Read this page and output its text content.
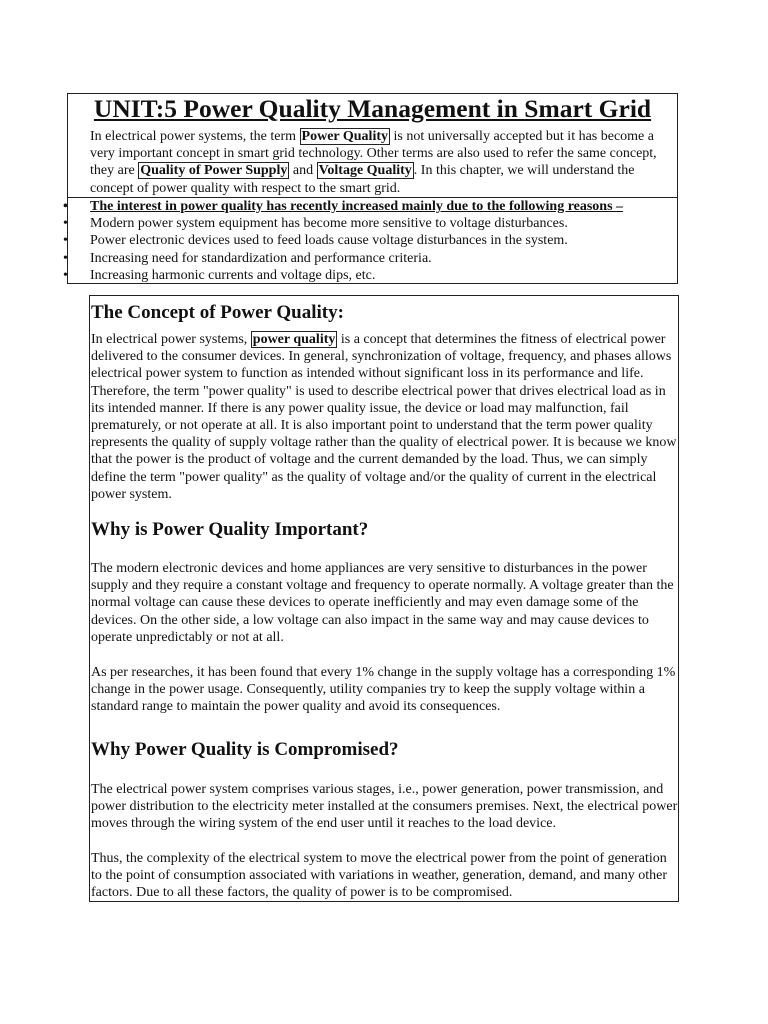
UNIT:5 Power Quality Management in Smart Grid
In electrical power systems, the term Power Quality is not universally accepted but it has become a very important concept in smart grid technology. Other terms are also used to refer the same concept, they are Quality of Power Supply and Voltage Quality . In this chapter, we will understand the concept of power quality with respect to the smart grid.
• The interest in power quality has recently increased mainly due to the following reasons –
• Modern power system equipment has become more sensitive to voltage disturbances.
• Power electronic devices used to feed loads cause voltage disturbances in the system.
• Increasing need for standardization and performance criteria.
• Increasing harmonic currents and voltage dips, etc.
The Concept of Power Quality:
In electrical power systems, power quality is a concept that determines the fitness of electrical power delivered to the consumer devices. In general, synchronization of voltage, frequency, and phases allows electrical power system to function as intended without significant loss in its performance and life. Therefore, the term "power quality" is used to describe electrical power that drives electrical load as in its intended manner. If there is any power quality issue, the device or load may malfunction, fail prematurely, or not operate at all. It is also important point to understand that the term power quality represents the quality of supply voltage rather than the quality of electrical power. It is because we know that the power is the product of voltage and the current demanded by the load. Thus, we can simply define the term "power quality" as the quality of voltage and/or the quality of current in the electrical power system.
Why is Power Quality Important?

The modern electronic devices and home appliances are very sensitive to disturbances in the power supply and they require a constant voltage and frequency to operate normally. A voltage greater than the normal voltage can cause these devices to operate inefficiently and may even damage some of the devices. On the other side, a low voltage can also impact in the same way and may cause devices to operate unpredictably or not at all.

As per researches, it has been found that every 1% change in the supply voltage has a corresponding 1% change in the power usage. Consequently, utility companies try to keep the supply voltage within a standard range to maintain the power quality and avoid its consequences.

Why Power Quality is Compromised?

The electrical power system comprises various stages, i.e., power generation, power transmission, and power distribution to the electricity meter installed at the consumers premises. Next, the electrical power moves through the wiring system of the end user until it reaches to the load device.

Thus, the complexity of the electrical system to move the electrical power from the point of generation to the point of consumption associated with variations in weather, generation, demand, and many other factors. Due to all these factors, the quality of power is to be compromised.
